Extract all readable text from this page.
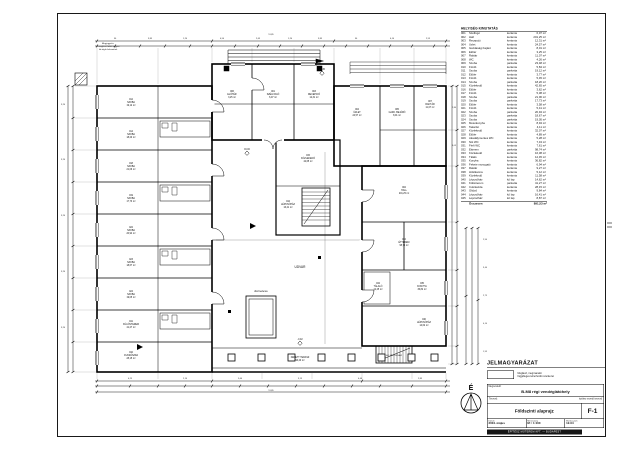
É
012 SZOBA 19,12 m²
014 SZOBA 18,20 m²
018 SZOBA 21,06 m²
019 SZOBA 17,73 m²
022 SZOBA 20,94 m²
023 SZOBA 18,67 m²
024 SZOBA 19,05 m²
041 KÜLÖNTEREM 41,27 m²
042 CUKRÁSZDA 28,15 m²
006 ELŐTÉR 3,25 m²
001 SZÉLFOGÓ 6,07 m²
003 RECEPCIÓ 12,31 m²
004 ÜZLET 24,57 m²
005 GAZD. BEJÁRÓ 8,01 m²
007 RAKTÁR 11,07 m²
002 HALL 201,25 m²
032 ÉTTEREM 98,74 m²
034 TÁLALÓ 12,45 m²
035 KONYHA 36,82 m²
040 LÉPCSŐHÁZ 14,62 m²
015 KÖZLEKEDŐ 42,65 m²
044 LÉPCSŐHÁZ 16,41 m²
UDVAR
díszmedence
+0,45
±0,00
-0,02
FEDETT TERASZ 96,40 m²
045 LÉPCSŐHÁZ
Megjegyzés: a meglévő falak vegyes kő-tégla falazatúak
90	3,85	1,20	4,50	2,65	1,20	3,85	90	6,10	2,55
51,85
4,25	2,10	5,60	3,15	4,40	2,85
51,85
3,20
3,20
3,20
3,20
3,20
2,80
3,05
2,90
3,40
2,75
4,10
1,95
HELYISÉG KIMUTATÁS
001 Szélfogó	kerámia	6,07 m²
002 Hall	kerámia	201,25 m²
003 Recepció	kerámia	12,31 m²
004 Üzlet	kerámia	24,57 m²
005 Gazdasági bejáró	kerámia	8,01 m²
006 Előtér	kerámia	3,25 m²
007 Raktár	kerámia	11,07 m²
008 WC	kerámia	4,26 m²
009 Szoba	parketta	23,48 m²
010 Fürdő	kerámia	5,84 m²
011 Szoba	parketta	19,12 m²
012 Előtér	kerámia	3,77 m²
013 Fürdő	kerámia	5,45 m²
014 Szoba	parketta	18,20 m²
015 Közlekedő	kerámia	42,65 m²
016 Előtér	kerámia	3,62 m²
017 Fürdő	kerámia	5,38 m²
018 Szoba	parketta	21,06 m²
019 Szoba	parketta	17,73 m²
020 Előtér	kerámia	3,58 m²
021 Fürdő	kerámia	5,41 m²
022 Szoba	parketta	20,94 m²
023 Szoba	parketta	18,67 m²
024 Szoba	parketta	19,05 m²
025 Mosókonyha	kerámia	8,94 m²
026 Takarító	kerámia	4,11 m²
027 Közlekedő	kerámia	32,07 m²
028 Előtér	kerámia	4,89 m²
029 Akadálymentes WC	kerámia	5,28 m²
030 Női WC	kerámia	7,43 m²
031 Férfi WC	kerámia	7,61 m²
032 Étterem	parketta	98,74 m²
033 Közlekedő	kerámia	16,38 m²
034 Tálaló	kerámia	12,45 m²
035 Konyha	kerámia	36,82 m²
036 Fekete mosogató	kerámia	6,94 m²
037 Raktár	kerámia	9,27 m²
038 Hűtőkamra	kerámia	5,12 m²
039 Közlekedő	kerámia	11,58 m²
040 Lépcsőház	kő lap	14,62 m²
041 Különterem	parketta	41,27 m²
042 Cukrászda	kerámia	28,15 m²
043 Öltöző	kerámia	9,84 m²
044 Lépcsőház	kő lap	16,41 m²
045 Lépcsőház	kő lap	8,87 m²
Összesen	891,53 m²
JELMAGYARÁZAT
Meglévő, megmaradó
függőleges teherhordó szerkezet
Megrendelő:
B-M8 régi vendéglátóhely
Tervező:	építész vezető tervező
Földszinti alaprajz	F-1
Dátum
2004. május
Méretarány
M = 1:100
Munkaszám
12-04
ÉPÍTÉSZ MŰTEREM KFT. — BUDAPEST
